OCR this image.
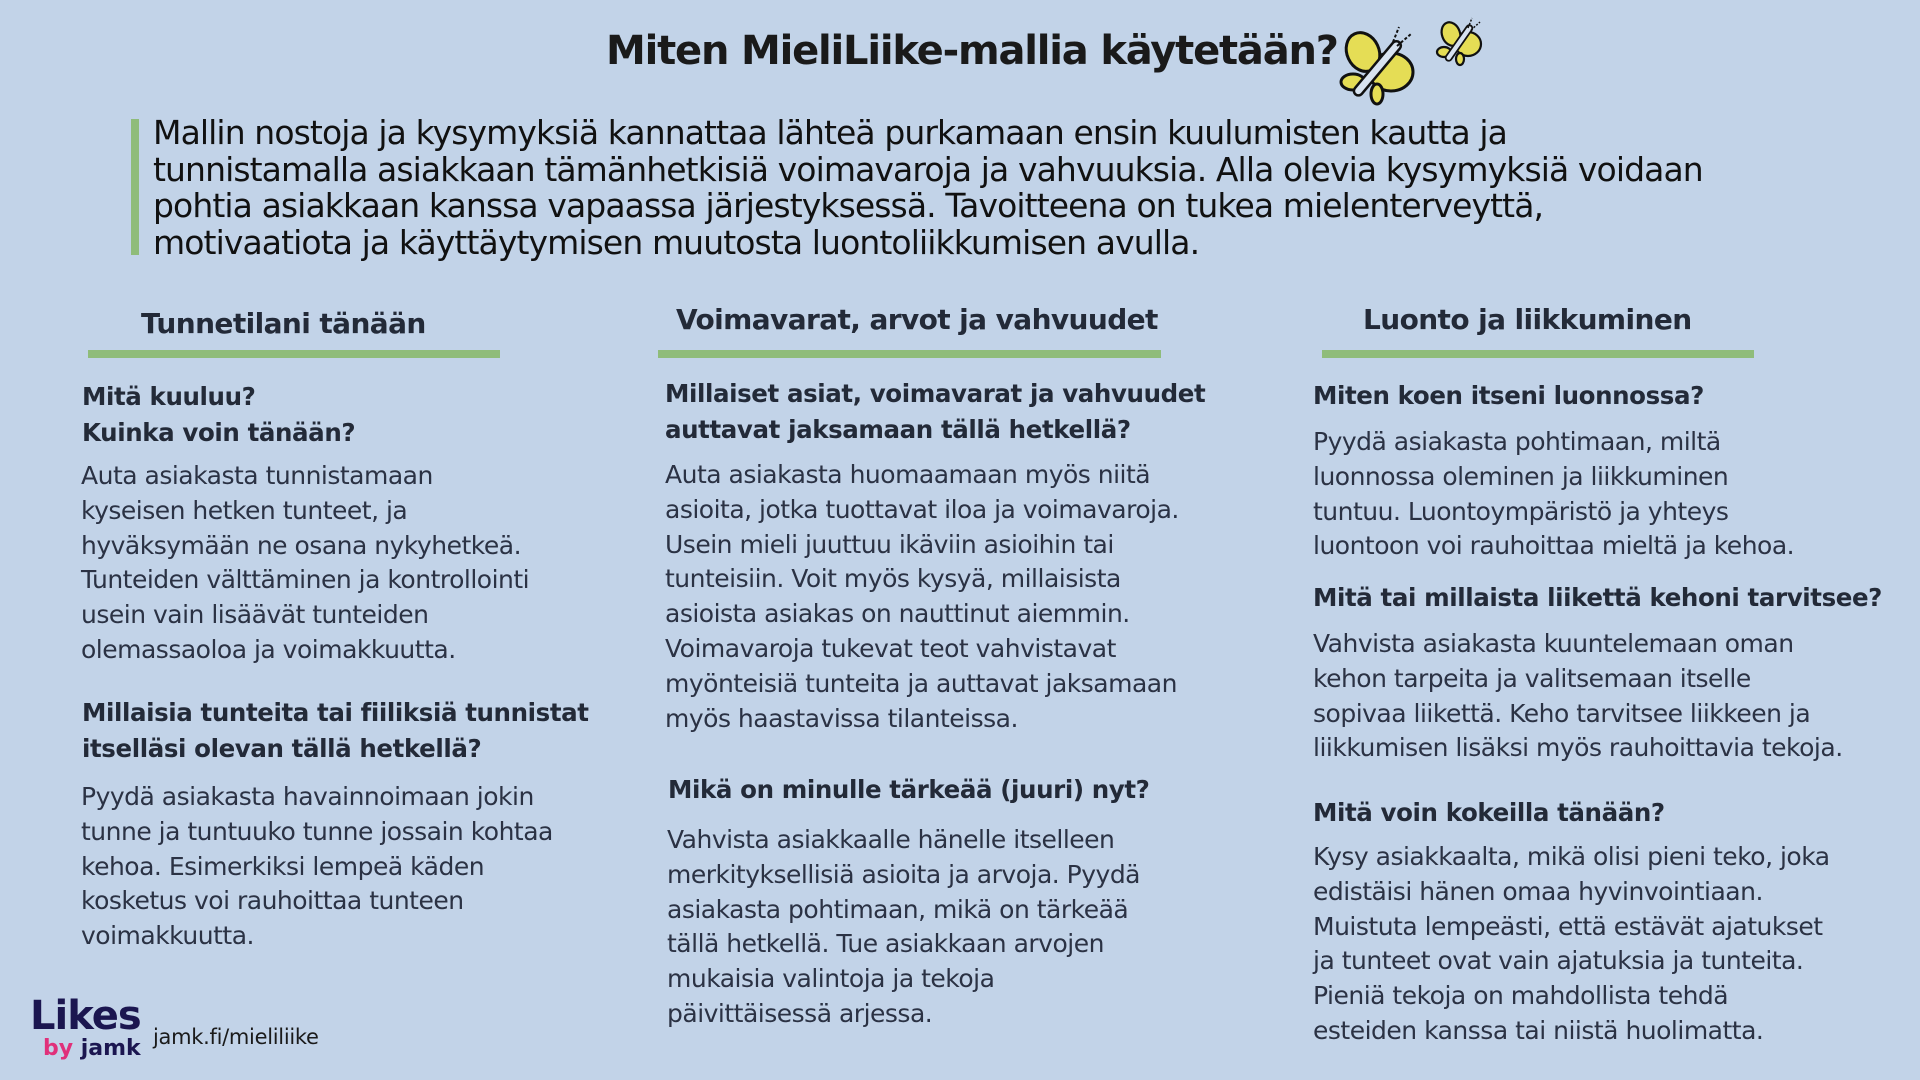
Miten MieliLiike-mallia käytetään?

Mallin nostoja ja kysymyksiä kannattaa lähteä purkamaan ensin kuulumisten kautta ja

tunnistamalla asiakkaan tämänhetkisiä voimavaroja ja vahvuuksia. Alla olevia kysymyksiä voidaan

pohtia asiakkaan kanssa vapaassa järjestyksessä. Tavoitteena on tukea mielenterveyttä,

motivaatiota ja käyttäytymisen muutosta luontoliikkumisen avulla.

Tunnetilani tänään
Mitä kuuluu?
Kuinka voin tänään?
Auta asiakasta tunnistamaan
kyseisen hetken tunteet, ja
hyväksymään ne osana nykyhetkeä.
Tunteiden välttäminen ja kontrollointi
usein vain lisäävät tunteiden
olemassaoloa ja voimakkuutta.
Millaisia tunteita tai fiiliksiä tunnistat
itselläsi olevan tällä hetkellä?
Pyydä asiakasta havainnoimaan jokin
tunne ja tuntuuko tunne jossain kohtaa
kehoa. Esimerkiksi lempeä käden
kosketus voi rauhoittaa tunteen
voimakkuutta.
Voimavarat, arvot ja vahvuudet
Millaiset asiat, voimavarat ja vahvuudet
auttavat jaksamaan tällä hetkellä?
Auta asiakasta huomaamaan myös niitä
asioita, jotka tuottavat iloa ja voimavaroja.
Usein mieli juuttuu ikäviin asioihin tai
tunteisiin. Voit myös kysyä, millaisista
asioista asiakas on nauttinut aiemmin.
Voimavaroja tukevat teot vahvistavat
myönteisiä tunteita ja auttavat jaksamaan
myös haastavissa tilanteissa.
Mikä on minulle tärkeää (juuri) nyt?
Vahvista asiakkaalle hänelle itselleen
merkityksellisiä asioita ja arvoja. Pyydä
asiakasta pohtimaan, mikä on tärkeää
tällä hetkellä. Tue asiakkaan arvojen
mukaisia valintoja ja tekoja
päivittäisessä arjessa.
Luonto ja liikkuminen
Miten koen itseni luonnossa?
Pyydä asiakasta pohtimaan, miltä
luonnossa oleminen ja liikkuminen
tuntuu. Luontoympäristö ja yhteys
luontoon voi rauhoittaa mieltä ja kehoa.
Mitä tai millaista liikettä kehoni tarvitsee?
Vahvista asiakasta kuuntelemaan oman
kehon tarpeita ja valitsemaan itselle
sopivaa liikettä. Keho tarvitsee liikkeen ja
liikkumisen lisäksi myös rauhoittavia tekoja.
Mitä voin kokeilla tänään?
Kysy asiakkaalta, mikä olisi pieni teko, joka
edistäisi hänen omaa hyvinvointiaan.
Muistuta lempeästi, että estävät ajatukset
ja tunteet ovat vain ajatuksia ja tunteita.
Pieniä tekoja on mahdollista tehdä
esteiden kanssa tai niistä huolimatta.
Likes
by jamk jamk.fi/mieliliike
